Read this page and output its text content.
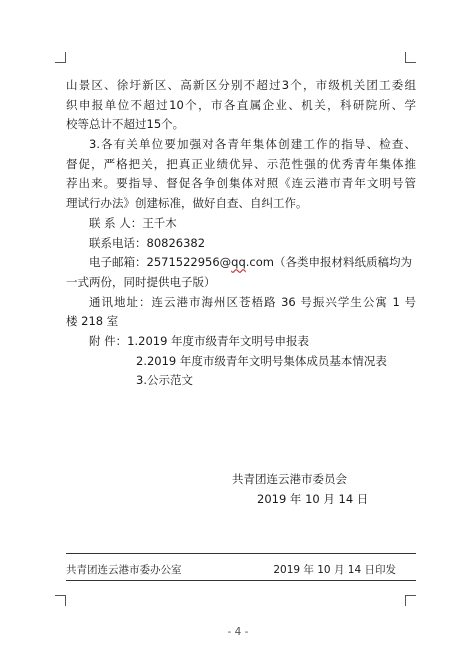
山景区、徐圩新区、高新区分别不超过3个，市级机关团工委组
织申报单位不超过10个，市各直属企业、机关，科研院所、学
校等总计不超过15个。
3.各有关单位要加强对各青年集体创建工作的指导、检查、
督促，严格把关，把真正业绩优异、示范性强的优秀青年集体推
荐出来。要指导、督促各争创集体对照《连云港市青年文明号管
理试行办法》创建标准，做好自查、自纠工作。
联 系 人：王千木
联系电话：80826382
电子邮箱：2571522956@qq.com（各类申报材料纸质稿均为
一式两份，同时提供电子版）
通讯地址：连云港市海州区苍梧路 36 号振兴学生公寓 1 号
楼 218 室
附 件：1.2019 年度市级青年文明号申报表
2.2019 年度市级青年文明号集体成员基本情况表
3.公示范文
共青团连云港市委员会
2019 年 10 月 14 日
共青团连云港市委办公室	2019 年 10 月 14 日印发
- 4 -
